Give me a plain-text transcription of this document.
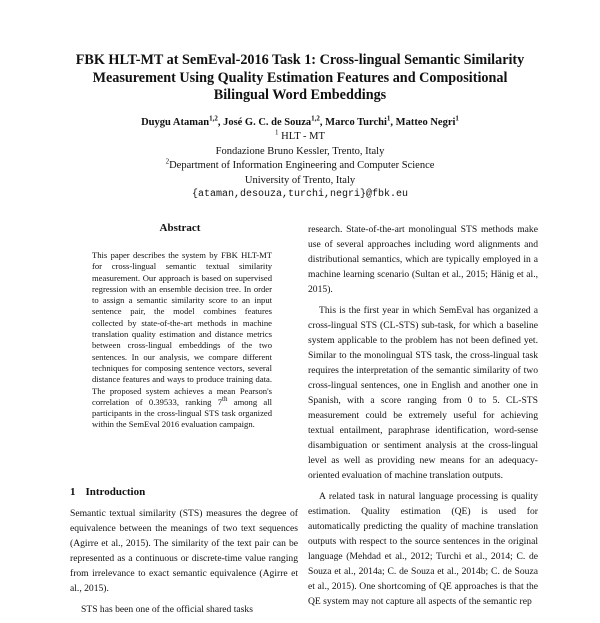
FBK HLT-MT at SemEval-2016 Task 1: Cross-lingual Semantic Similarity
Measurement Using Quality Estimation Features and Compositional
Bilingual Word Embeddings
Duygu Ataman$^{1,2}$, José G. C. de Souza$^{1,2}$, Marco Turchi$^1$, Matteo Negri$^1$
$^1$ HLT - MT
Fondazione Bruno Kessler, Trento, Italy
$^2$Department of Information Engineering and Computer Science
University of Trento, Italy
{ataman,desouza,turchi,negri}@fbk.eu
Abstract
This paper describes the system by FBK HLT-MT for cross-lingual semantic textual similarity measurement. Our approach is based on supervised regression with an ensemble decision tree. In order to assign a semantic similarity score to an input sentence pair, the model combines features collected by state-of-the-art methods in machine translation quality estimation and distance metrics between cross-lingual embeddings of the two sentences. In our analysis, we compare different techniques for composing sentence vectors, several distance features and ways to produce training data. The proposed system achieves a mean Pearson's correlation of 0.39533, ranking 7th among all participants in the cross-lingual STS task organized within the SemEval 2016 evaluation campaign.
1 Introduction

Semantic textual similarity (STS) measures the degree of equivalence between the meanings of two text sequences (Agirre et al., 2015). The similarity of the text pair can be represented as a continuous or discrete-time value ranging from irrelevance to exact semantic equivalence (Agirre et al., 2015).

STS has been one of the official shared tasks

research. State-of-the-art monolingual STS methods make use of several approaches including word alignments and distributional semantics, which are typically employed in a machine learning scenario (Sultan et al., 2015; Hänig et al., 2015).

This is the first year in which SemEval has organized a cross-lingual STS (CL-STS) sub-task, for which a baseline system applicable to the problem has not been defined yet. Similar to the monolingual STS task, the cross-lingual task requires the interpretation of the semantic similarity of two cross-lingual sentences, one in English and another one in Spanish, with a score ranging from 0 to 5. CL-STS measurement could be extremely useful for achieving textual entailment, paraphrase identification, word-sense disambiguation or sentiment analysis at the cross-lingual level as well as providing new means for an adequacy-oriented evaluation of machine translation outputs.

A related task in natural language processing is quality estimation. Quality estimation (QE) is used for automatically predicting the quality of machine translation outputs with respect to the source sentences in the original language (Mehdad et al., 2012; Turchi et al., 2014; C. de Souza et al., 2014a; C. de Souza et al., 2014b; C. de Souza et al., 2015). One shortcoming of QE approaches is that the QE system may not capture all aspects of the semantic rep
